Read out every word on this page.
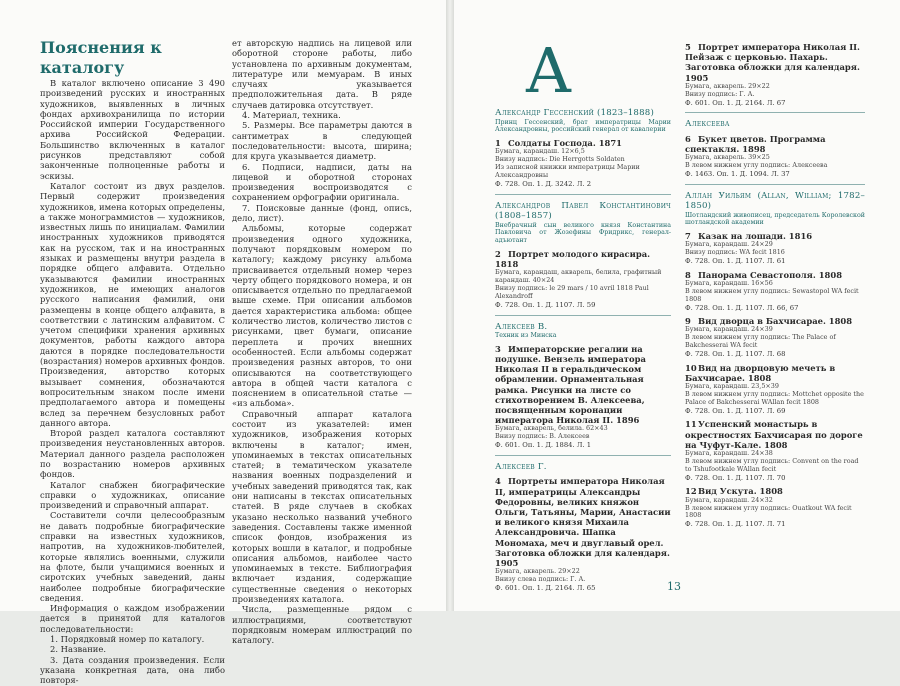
Пояснения к каталогу

В каталог включено описание 3 490 произведений русских и иностранных художников, выявленных в личных фондах архивохранилища по истории Российской империи Государственного архива Российской Федерации. Большинство включенных в каталог рисунков представляют собой законченные полноценные работы и эскизы.

Каталог состоит из двух разделов. Первый содержит произведения художников, имена которых определены, а также монограммистов — художников, известных лишь по инициалам. Фамилии иностранных художников приводятся как на русском, так и на иностранных языках и размещены внутри раздела в порядке общего алфавита. Отдельно указываются фамилии иностранных художников, не имеющих аналогов русского написания фамилий, они размещены в конце общего алфавита, в соответствии с латинским алфавитом. С учетом специфики хранения архивных документов, работы каждого автора даются в порядке последовательности (возрастания) номеров архивных фондов. Произведения, авторство которых вызывает сомнения, обозначаются вопросительным знаком после имени предполагаемого автора и помещены вслед за перечнем безусловных работ данного автора.

Второй раздел каталога составляют произведения неустановленных авторов. Материал данного раздела расположен по возрастанию номеров архивных фондов.

Каталог снабжен биографические справки о художниках, описание произведений и справочный аппарат.

Составители сочли целесообразным не давать подробные биографические справки на известных художников, напротив, на художников-любителей, которые являлись военными, служили на флоте, были учащимися военных и сиротских учебных заведений, даны наиболее подробные биографические сведения.

Информация о каждом изображении дается в принятой для каталогов последовательности:

1. Порядковый номер по каталогу.

2. Название.

3. Дата создания произведения. Если указана конкретная дата, она либо повторя-

ет авторскую надпись на лицевой или оборотной стороне работы, либо установлена по архивным документам, литературе или мемуарам. В иных случаях указывается предположительная дата. В ряде случаев датировка отсутствует.

4. Материал, техника.

5. Размеры. Все параметры даются в сантиметрах в следующей последовательности: высота, ширина; для круга указывается диаметр.

6. Подписи, надписи, даты на лицевой и оборотной сторонах произведения воспроизводятся с сохранением орфографии оригинала.

7. Поисковые данные (фонд, опись, дело, лист).

Альбомы, которые содержат произведения одного художника, получают порядковым номером по каталогу; каждому рисунку альбома присваивается отдельный номер через черту общего порядкового номера, и он описывается отдельно по предлагаемой выше схеме. При описании альбомов дается характеристика альбома: общее количество листов, количество листов с рисунками, цвет бумаги, описание переплета и прочих внешних особенностей. Если альбомы содержат произведения разных авторов, то они описываются на соответствующего автора в общей части каталога с пояснением в описательной статье — «из альбома».

Справочный аппарат каталога состоит из указателей: имен художников, изображения которых включены в каталог; имен, упоминаемых в текстах описательных статей; в тематическом указателе названия военных подразделений и учебных заведений приводятся так, как они написаны в текстах описательных статей. В ряде случаев в скобках указано несколько названий учебного заведения. Составлены также именной список фондов, изображения из которых вошли в каталог, и подробные описания альбомов, наиболее часто упоминаемых в тексте. Библиография включает издания, содержащие существенные сведения о некоторых произведениях каталога.

Числа, размещенные рядом с иллюстрациями, соответствуют порядковым номерам иллюстраций по каталогу.

А
Александр Гессенский (1823–1888)
Принц Гессенский, брат императрицы Марии Александровны, российский генерал от кавалерии
1 Солдаты Господа. 1871
Бумага, карандаш. 12×6,5
Внизу надпись: Die Herrgotts Soldaten
Из записной книжки императрицы Марии Александровны
Ф. 728. Оп. 1. Д. 3242. Л. 2
Александров Павел Константинович (1808–1857)
Внебрачный сын великого князя Константина Павловича от Жозефины Фридрикс, генерал-адъютант
2 Портрет молодого кирасира. 1818
Бумага, карандаш, акварель, белила, графитный карандаш. 40×24
Внизу подпись: le 29 mars / 10 avril 1818 Paul Alexandroff
Ф. 728. Оп. 1. Д. 1107. Л. 59
Алексеев В.
Техник из Минска
3 Императорские регалии на подушке. Вензель императора Николая II в геральдическом обрамлении. Орнаментальная рамка. Рисунки на листе со стихотворением В. Алексеева, посвященным коронации императора Николая II. 1896
Бумага, акварель, белила. 62×43
Внизу подпись: В. Алексеев
Ф. 601. Оп. 1. Д. 1884. Л. 1
Алексеев Г.
4 Портреты императора Николая II, императрицы Александры Федоровны, великих княжон Ольги, Татьяны, Марии, Анастасии и великого князя Михаила Александровича. Шапка Мономаха, меч и двуглавый орел. Заготовка обложки для календаря. 1905
Бумага, акварель. 29×22
Внизу слева подпись: Г. А.
Ф. 601. Оп. 1. Д. 2164. Л. 65
5 Портрет императора Николая II. Пейзаж с церковью. Пахарь. Заготовка обложки для календаря. 1905
Бумага, акварель. 29×22
Внизу подпись: Г. А.
Ф. 601. Оп. 1. Д. 2164. Л. 67
Алексеева
6 Букет цветов. Программа спектакля. 1898
Бумага, акварель. 39×25
В левом нижнем углу подпись: Алексеева
Ф. 1463. Оп. 1. Д. 1094. Л. 37
Аллан Уильям (Allan, William; 1782–1850)
Шотландский живописец, председатель Королевской шотландской академии
7 Казак на лошади. 1816
Бумага, карандаш. 24×29
Внизу подпись: WA fecit 1816
Ф. 728. Оп. 1. Д. 1107. Л. 61
8 Панорама Севастополя. 1808
Бумага, карандаш. 16×56
В левом нижнем углу подпись: Sewastopol WA fecit 1808
Ф. 728. Оп. 1. Д. 1107. Л. 66, 67
9 Вид дворца в Бахчисарае. 1808
Бумага, карандаш. 24×39
В левом нижнем углу подпись: The Palace of Bakchesserai WA fecit
Ф. 728. Оп. 1. Д. 1107. Л. 68
10Вид на дворцовую мечеть в Бахчисарае. 1808
Бумага, карандаш. 23,5×39
В левом нижнем углу подпись: Mottchet opposite the Palace of Bakchesserai WAllan fecit 1808
Ф. 728. Оп. 1. Д. 1107. Л. 69
11Успенский монастырь в окрестностях Бахчисарая по дороге на Чуфут-Кале. 1808
Бумага, карандаш. 24×38
В левом нижнем углу подпись: Convent on the road to Tshufootkale WAllan fecit
Ф. 728. Оп. 1. Д. 1107. Л. 70
12Вид Ускута. 1808
Бумага, карандаш. 24×32
В левом нижнем углу подпись: Ouatkout WA fecit 1808
Ф. 728. Оп. 1. Д. 1107. Л. 71
13
